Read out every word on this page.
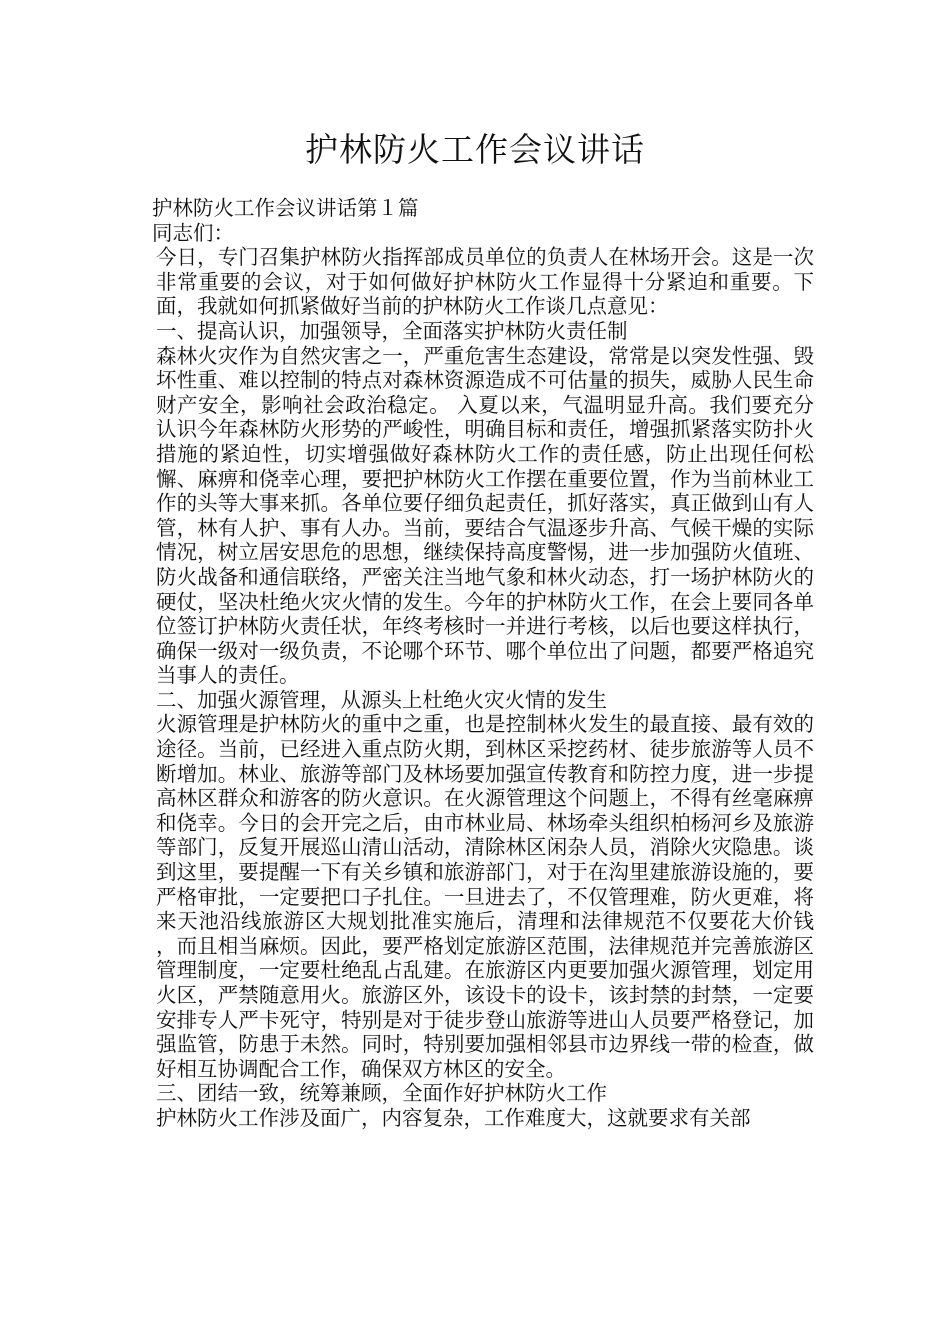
护林防火工作会议讲话

护林防火工作会议讲话第１篇

同志们：

今日，专门召集护林防火指挥部成员单位的负责人在林场开会。这是一次非常重要的会议，对于如何做好护林防火工作显得十分紧迫和重要。下面，我就如何抓紧做好当前的护林防火工作谈几点意见：

一、提高认识，加强领导，全面落实护林防火责任制

森林火灾作为自然灾害之一，严重危害生态建设，常常是以突发性强、毁坏性重、难以控制的特点对森林资源造成不可估量的损失，威胁人民生命财产安全，影响社会政治稳定。 入夏以来，气温明显升高。我们要充分认识今年森林防火形势的严峻性，明确目标和责任，增强抓紧落实防扑火措施的紧迫性，切实增强做好森林防火工作的责任感，防止出现任何松懈、麻痹和侥幸心理，要把护林防火工作摆在重要位置，作为当前林业工作的头等大事来抓。各单位要仔细负起责任，抓好落实，真正做到山有人管，林有人护、事有人办。当前，要结合气温逐步升高、气候干燥的实际情况，树立居安思危的思想，继续保持高度警惕，进一步加强防火值班、防火战备和通信联络，严密关注当地气象和林火动态，打一场护林防火的硬仗，坚决杜绝火灾火情的发生。今年的护林防火工作，在会上要同各单位签订护林防火责任状，年终考核时一并进行考核，以后也要这样执行，确保一级对一级负责，不论哪个环节、哪个单位出了问题，都要严格追究当事人的责任。

二、加强火源管理，从源头上杜绝火灾火情的发生

火源管理是护林防火的重中之重，也是控制林火发生的最直接、最有效的途径。当前，已经进入重点防火期，到林区采挖药材、徒步旅游等人员不断增加。林业、旅游等部门及林场要加强宣传教育和防控力度，进一步提高林区群众和游客的防火意识。在火源管理这个问题上，不得有丝毫麻痹和侥幸。今日的会开完之后，由市林业局、林场牵头组织柏杨河乡及旅游等部门，反复开展巡山清山活动，清除林区闲杂人员，消除火灾隐患。谈到这里，要提醒一下有关乡镇和旅游部门，对于在沟里建旅游设施的，要严格审批，一定要把口子扎住。一旦进去了，不仅管理难，防火更难，将来天池沿线旅游区大规划批准实施后，清理和法律规范不仅要花大价钱 ，而且相当麻烦。因此，要严格划定旅游区范围，法律规范并完善旅游区管理制度，一定要杜绝乱占乱建。在旅游区内更要加强火源管理，划定用火区，严禁随意用火。旅游区外，该设卡的设卡，该封禁的封禁，一定要安排专人严卡死守，特别是对于徒步登山旅游等进山人员要严格登记，加强监管，防患于未然。同时，特别要加强相邻县市边界线一带的检查，做好相互协调配合工作，确保双方林区的安全。

三、团结一致，统筹兼顾，全面作好护林防火工作

护林防火工作涉及面广，内容复杂，工作难度大，这就要求有关部
